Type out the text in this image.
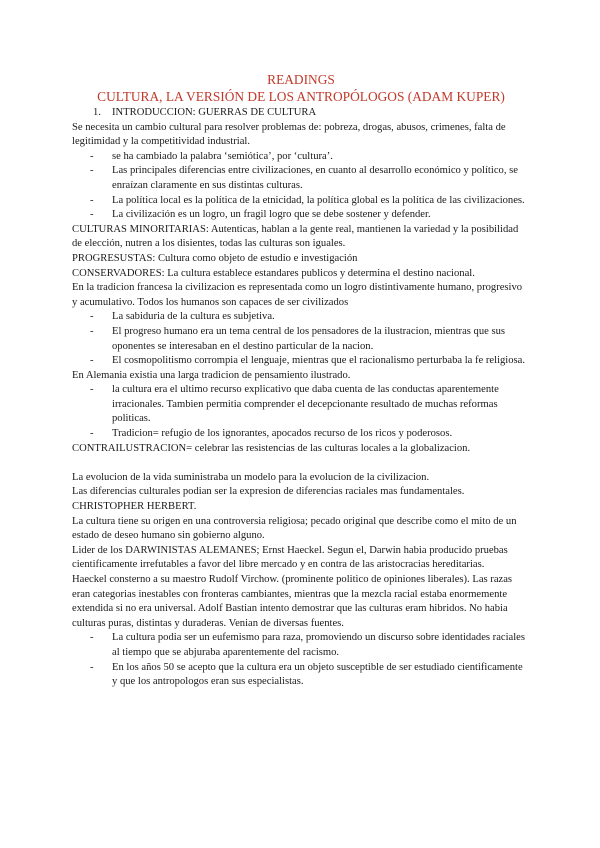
READINGS
CULTURA, LA VERSIÓN DE LOS ANTROPÓLOGOS (ADAM KUPER)
1.	INTRODUCCION: GUERRAS DE CULTURA

Se necesita un cambio cultural para resolver problemas de: pobreza, drogas, abusos, crimenes, falta de legitimidad y la competitividad industrial.

-	se ha cambiado la palabra ‘semiótica’, por ‘cultura’.
-	Las principales diferencias entre civilizaciones, en cuanto al desarrollo económico y político, se enraízan claramente en sus distintas culturas.
-	La política local es la política de la etnicidad, la política global es la política de las civilizaciones.
-	La civilización es un logro, un fragil logro que se debe sostener y defender.

CULTURAS MINORITARIAS: Autenticas, hablan a la gente real, mantienen la variedad y la posibilidad de elección, nutren a los disientes, todas las culturas son iguales.

PROGRESUSTAS: Cultura como objeto de estudio e investigación

CONSERVADORES: La cultura establece estandares publicos y determina el destino nacional.

En la tradicion francesa la civilizacion es representada como un logro distintivamente humano, progresivo y acumulativo. Todos los humanos son capaces de ser civilizados

-	La sabiduria de la cultura es subjetiva.
-	El progreso humano era un tema central de los pensadores de la ilustracion, mientras que sus oponentes se interesaban en el destino particular de la nacion.
-	El cosmopolitismo corrompia el lenguaje, mientras que el racionalismo perturbaba la fe religiosa.

En Alemania existia una larga tradicion de pensamiento ilustrado.

-	la cultura era el ultimo recurso explicativo que daba cuenta de las conductas aparentemente irracionales. Tambien permitia comprender el decepcionante resultado de muchas reformas politicas.
-	Tradicion= refugio de los ignorantes, apocados recurso de los ricos y poderosos.

CONTRAILUSTRACION= celebrar las resistencias de las culturas locales a la globalizacion.

La evolucion de la vida suministraba un modelo para la evolucion de la civilizacion.

Las diferencias culturales podian ser la expresion de diferencias raciales mas fundamentales.

CHRISTOPHER HERBERT.

La cultura tiene su origen en una controversia religiosa; pecado original que describe como el mito de un estado de deseo humano sin gobierno alguno.

Lider de los DARWINISTAS ALEMANES; Ernst Haeckel. Segun el, Darwin habia producido pruebas cientificamente irrefutables a favor del libre mercado y en contra de las aristocracias hereditarias.

Haeckel consterno a su maestro Rudolf Virchow. (prominente politico de opiniones liberales). Las razas eran categorias inestables con fronteras cambiantes, mientras que la mezcla racial estaba enormemente extendida si no era universal. Adolf Bastian intento demostrar que las culturas eram hibridos. No habia culturas puras, distintas y duraderas. Venian de diversas fuentes.

-	La cultura podia ser un eufemismo para raza, promoviendo un discurso sobre identidades raciales al tiempo que se abjuraba aparentemente del racismo.
-	En los años 50 se acepto que la cultura era un objeto susceptible de ser estudiado cientificamente y que los antropologos eran sus especialistas.
